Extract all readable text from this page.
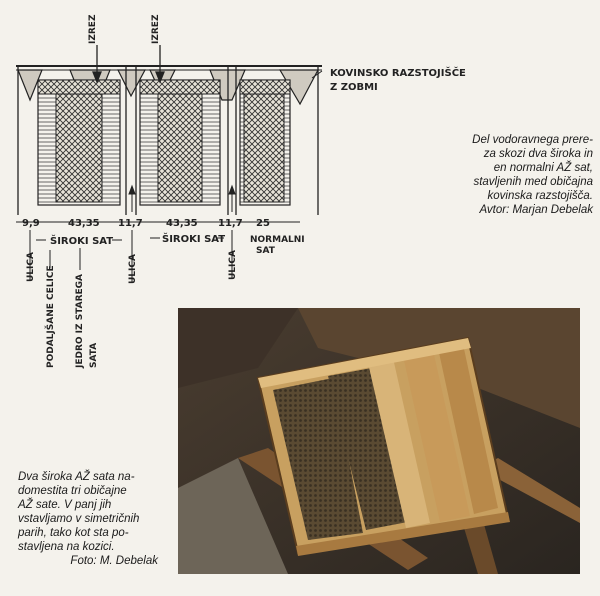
IZREZ	IZREZ
KOVINSKO RAZSTOJIŠČE
Z ZOBMI
9,9	43,35 11,7 43,35 11,7 25
ŠIROKI SAT	ŠIROKI SAT	NORMALNI
SAT
ULICA PODALJŠANE CELICE JEDRO IZ STAREGA SATA
ULICA	ULICA
Del vodoravnega prere-
za skozi dva široka in
en normalni AŽ sat,
stavljenih med običajna
kovinska razstojišča.
Avtor: Marjan Debelak
Dva široka AŽ sata na-
domestita tri običajne
AŽ sate. V panj jih
vstavljamo v simetričnih
parih, tako kot sta po-
stavljena na kozici.
Foto: M. Debelak
